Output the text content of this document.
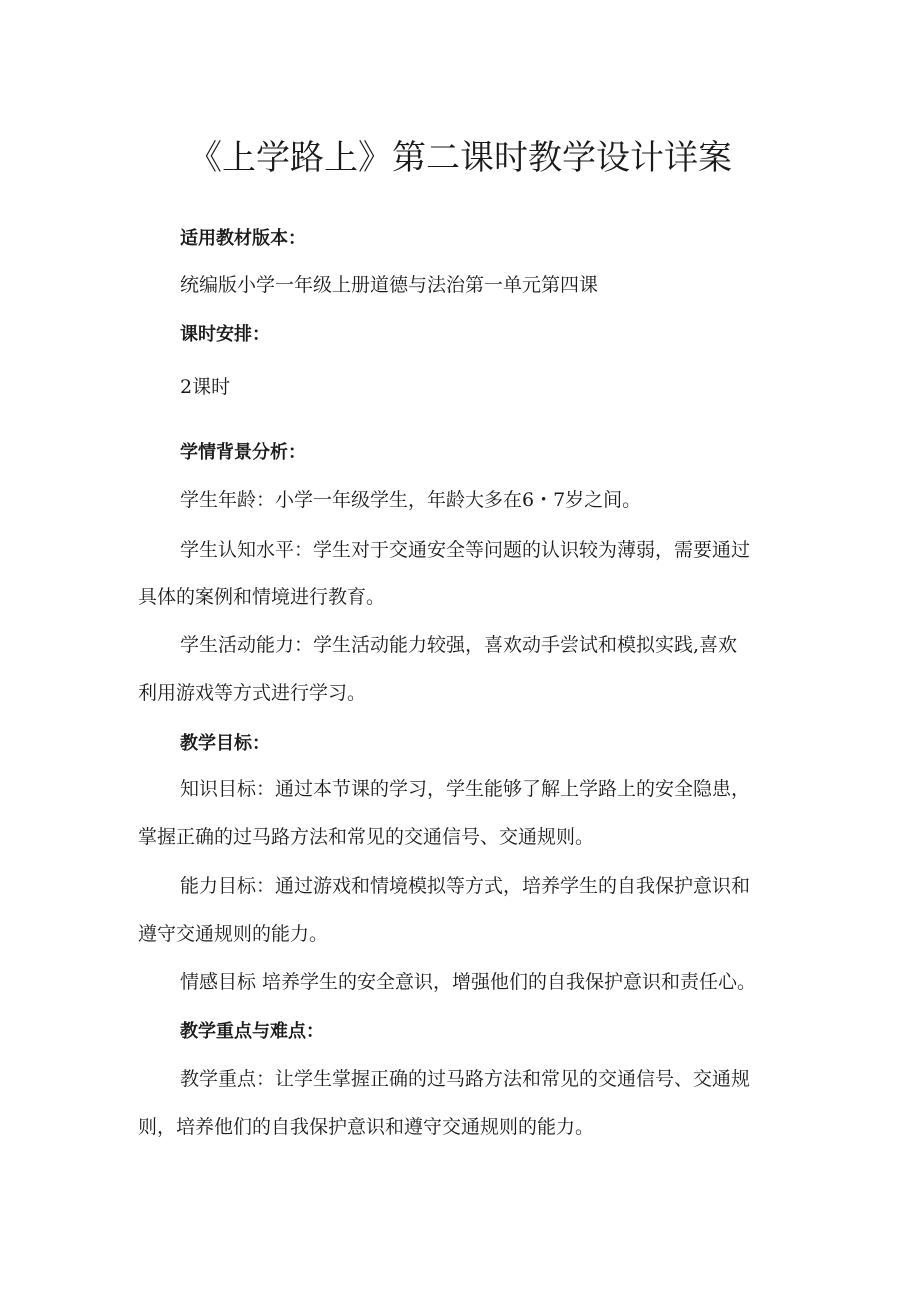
《上学路上》第二课时教学设计详案

适用教材版本：

统编版小学一年级上册道德与法治第一单元第四课

课时安排：

2课时

学情背景分析：

学生年龄：小学一年级学生，年龄大多在6・7岁之间。

学生认知水平：学生对于交通安全等问题的认识较为薄弱，需要通过

具体的案例和情境进行教育。

学生活动能力：学生活动能力较强，喜欢动手尝试和模拟实践,喜欢

利用游戏等方式进行学习。

教学目标：

知识目标：通过本节课的学习，学生能够了解上学路上的安全隐患，

掌握正确的过马路方法和常见的交通信号、交通规则。

能力目标：通过游戏和情境模拟等方式，培养学生的自我保护意识和

遵守交通规则的能力。

情感目标 培养学生的安全意识，增强他们的自我保护意识和责任心。

教学重点与难点：

教学重点：让学生掌握正确的过马路方法和常见的交通信号、交通规

则，培养他们的自我保护意识和遵守交通规则的能力。
